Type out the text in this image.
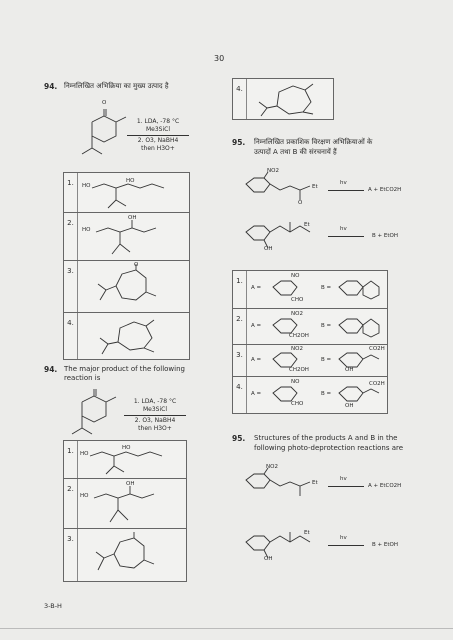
30
94. निम्नलिखित अभिक्रिया का मुख्य उत्पाद है
O
1. LDA, -78 °C
Me3SiCl
2. O3, NaBH4
then H3O+
1.	HO
HO
2.
OH
HO
3.
O
4.
94. The major product of the following
reaction is
1. LDA, -78 °C
Me3SiCl
2. O3, NaBH4
then H3O+
1.	HO
HO
2.
OH
HO
3.
4.
95. निम्नलिखित प्रकाशिक विरक्षण अभिक्रियाओं के
उत्पादों A तथा B की संरचनायें हैं
NO2
Et
O
hv
A + EtCO2H
OH
Et
hv
B + EtOH
1.
A =
NO
CHO
B =
2.
A =
NO2
CH2OH
B =
3.
A =
NO2
CH2OH
B =
CO2H
OH
4.
A =
NO
CHO
B =
CO2H
OH
95. Structures of the products A and B in the
following photo-deprotection reactions are
NO2
Et
hv
A + EtCO2H
OH
Et
hv
B + EtOH
3-B-H
